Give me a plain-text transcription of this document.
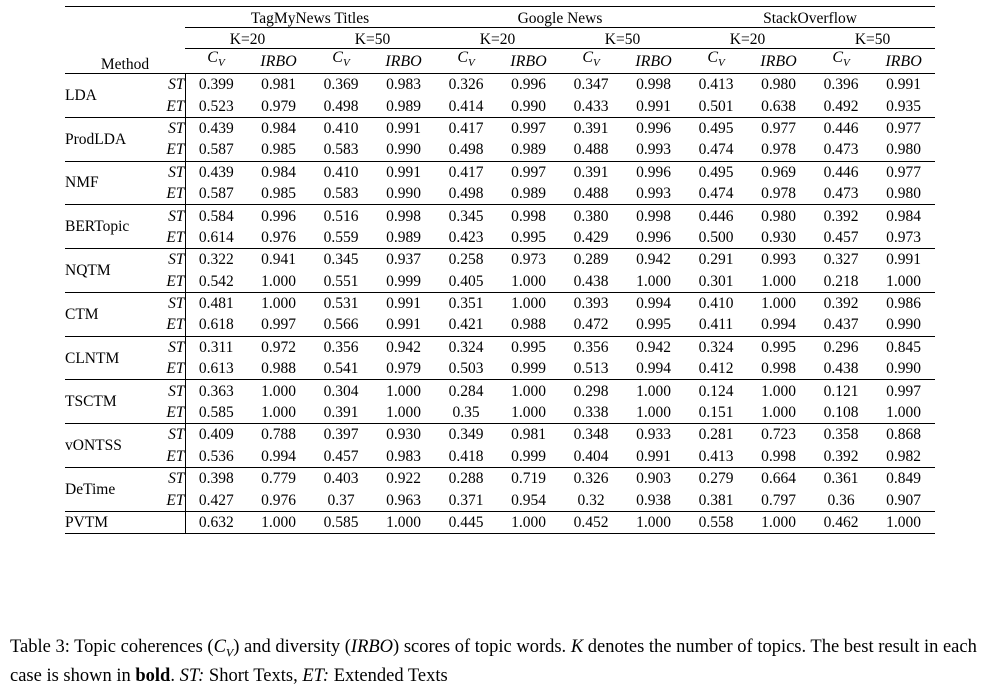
Method		TagMyNews Titles				Google News				StackOverflow			
		K=20		K=50		K=20		K=50		K=20		K=50	
		$C_V$	IRBO	$C_V$	IRBO	$C_V$	IRBO	$C_V$	IRBO	$C_V$	IRBO	$C_V$	IRBO
LDA	ST	0.399	0.981	0.369	0.983	0.326	0.996	0.347	0.998	0.413	0.980	0.396	0.991
	ET	0.523	0.979	0.498	0.989	0.414	0.990	0.433	0.991	0.501	0.638	0.492	0.935
ProdLDA	ST	0.439	0.984	0.410	0.991	0.417	0.997	0.391	0.996	0.495	0.977	0.446	0.977
	ET	0.587	0.985	0.583	0.990	0.498	0.989	0.488	0.993	0.474	0.978	0.473	0.980
NMF	ST	0.439	0.984	0.410	0.991	0.417	0.997	0.391	0.996	0.495	0.969	0.446	0.977
	ET	0.587	0.985	0.583	0.990	0.498	0.989	0.488	0.993	0.474	0.978	0.473	0.980
BERTopic	ST	0.584	0.996	0.516	0.998	0.345	0.998	0.380	0.998	0.446	0.980	0.392	0.984
	ET	0.614	0.976	0.559	0.989	0.423	0.995	0.429	0.996	0.500	0.930	0.457	0.973
NQTM	ST	0.322	0.941	0.345	0.937	0.258	0.973	0.289	0.942	0.291	0.993	0.327	0.991
	ET	0.542	1.000	0.551	0.999	0.405	1.000	0.438	1.000	0.301	1.000	0.218	1.000
CTM	ST	0.481	1.000	0.531	0.991	0.351	1.000	0.393	0.994	0.410	1.000	0.392	0.986
	ET	0.618	0.997	0.566	0.991	0.421	0.988	0.472	0.995	0.411	0.994	0.437	0.990
CLNTM	ST	0.311	0.972	0.356	0.942	0.324	0.995	0.356	0.942	0.324	0.995	0.296	0.845
	ET	0.613	0.988	0.541	0.979	0.503	0.999	0.513	0.994	0.412	0.998	0.438	0.990
TSCTM	ST	0.363	1.000	0.304	1.000	0.284	1.000	0.298	1.000	0.124	1.000	0.121	0.997
	ET	0.585	1.000	0.391	1.000	0.35	1.000	0.338	1.000	0.151	1.000	0.108	1.000
vONTSS	ST	0.409	0.788	0.397	0.930	0.349	0.981	0.348	0.933	0.281	0.723	0.358	0.868
	ET	0.536	0.994	0.457	0.983	0.418	0.999	0.404	0.991	0.413	0.998	0.392	0.982
DeTime	ST	0.398	0.779	0.403	0.922	0.288	0.719	0.326	0.903	0.279	0.664	0.361	0.849
	ET	0.427	0.976	0.37	0.963	0.371	0.954	0.32	0.938	0.381	0.797	0.36	0.907
PVTM		0.632	1.000	0.585	1.000	0.445	1.000	0.452	1.000	0.558	1.000	0.462	1.000
Table 3: Topic coherences $(C_V)$ and diversity (IRBO) scores of topic words. K denotes the number of topics. The best result in each case is shown in bold. ST: Short Texts, ET: Extended Texts
